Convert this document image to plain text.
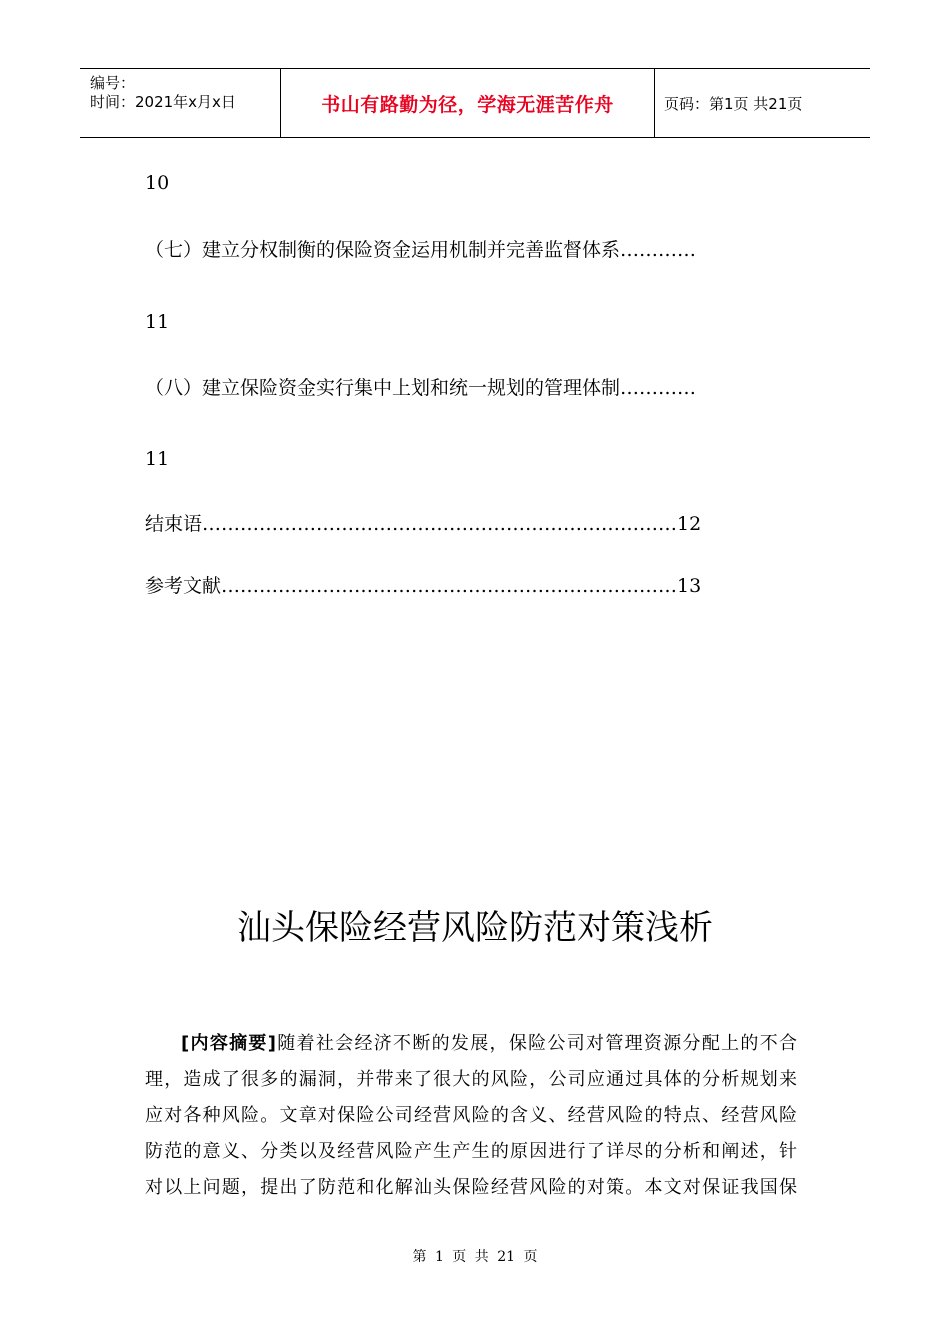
编号：
时间：2021年x月x日	书山有路勤为径，学海无涯苦作舟	页码：第1页 共21页
10
（七）建立分权制衡的保险资金运用机制并完善监督体系…………
11
（八）建立保险资金实行集中上划和统一规划的管理体制…………
11
结束语…………………………………………………………………12
参考文献………………………………………………………………13
汕头保险经营风险防范对策浅析
[内容摘要]随着社会经济不断的发展，保险公司对管理资源分配上的不合
理，造成了很多的漏洞，并带来了很大的风险，公司应通过具体的分析规划来
应对各种风险。文章对保险公司经营风险的含义、经营风险的特点、经营风险
防范的意义、分类以及经营风险产生产生的原因进行了详尽的分析和阐述，针
对以上问题，提出了防范和化解汕头保险经营风险的对策。本文对保证我国保
第 1 页 共 21 页
